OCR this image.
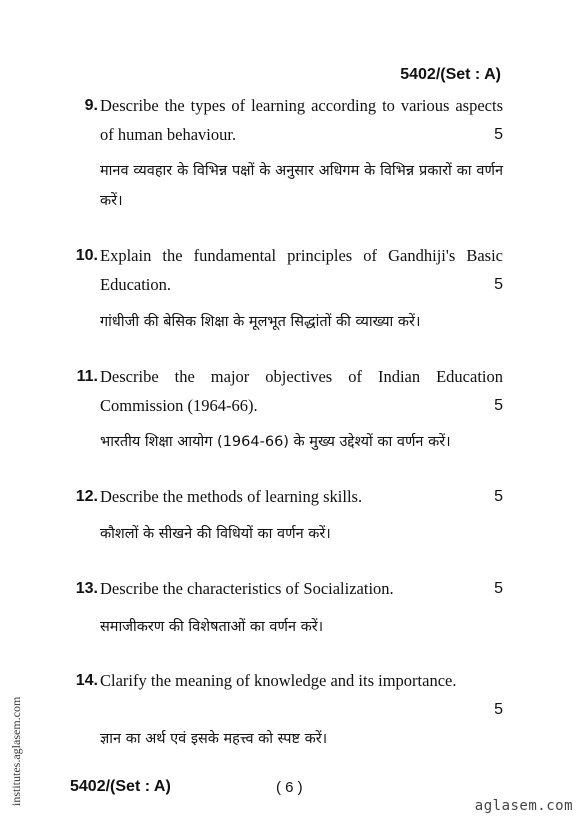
5402/(Set : A)
9. Describe the types of learning according to various aspects of human behaviour.	5
मानव व्यवहार के विभिन्न पक्षों के अनुसार अधिगम के विभिन्न प्रकारों का वर्णन करें।
10. Explain the fundamental principles of Gandhiji's Basic Education.	5
गांधीजी की बेसिक शिक्षा के मूलभूत सिद्धांतों की व्याख्या करें।
11. Describe the major objectives of Indian Education Commission (1964-66).	5
भारतीय शिक्षा आयोग (1964-66) के मुख्य उद्देश्यों का वर्णन करें।
12. Describe the methods of learning skills.	5
कौशलों के सीखने की विधियों का वर्णन करें।
13. Describe the characteristics of Socialization.	5
समाजीकरण की विशेषताओं का वर्णन करें।
14. Clarify the meaning of knowledge and its importance.
5
ज्ञान का अर्थ एवं इसके महत्त्व को स्पष्ट करें।
5402/(Set : A)	( 6 )
institutes.aglasem.com	aglasem.com
